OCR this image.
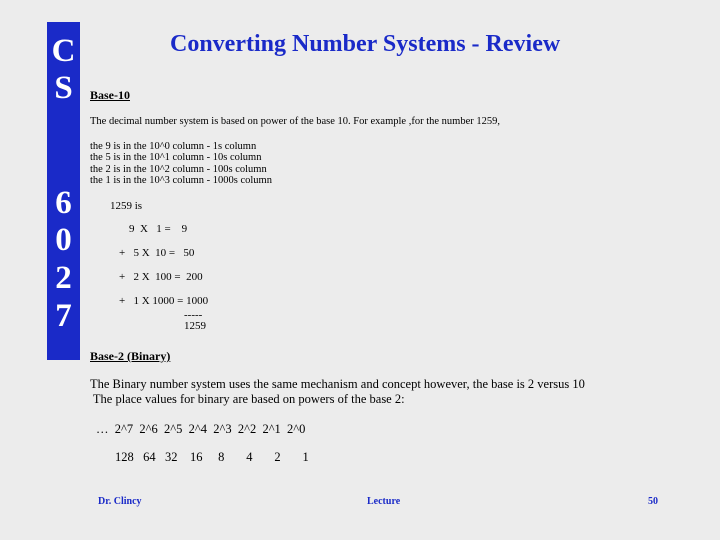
C
S
6
0
2
7
Converting Number Systems - Review
Base-10
The decimal number system is based on power of the base 10. For example ,for the number 1259,
the 9 is in the 10^0 column - 1s column
the 5 is in the 10^1 column - 10s column
the 2 is in the 10^2 column - 100s column
the 1 is in the 10^3 column - 1000s column
1259 is
9  X   1 =    9
+   5 X  10 =   50
+   2 X  100 =  200
+   1 X 1000 = 1000
-----
1259
Base-2 (Binary)
The Binary number system uses the same mechanism and concept however, the base is 2 versus 10
The place values for binary are based on powers of the base 2:
…  2^7  2^6  2^5  2^4  2^3  2^2  2^1  2^0
128   64   32    16     8       4       2       1
Dr. Clincy	Lecture	50
